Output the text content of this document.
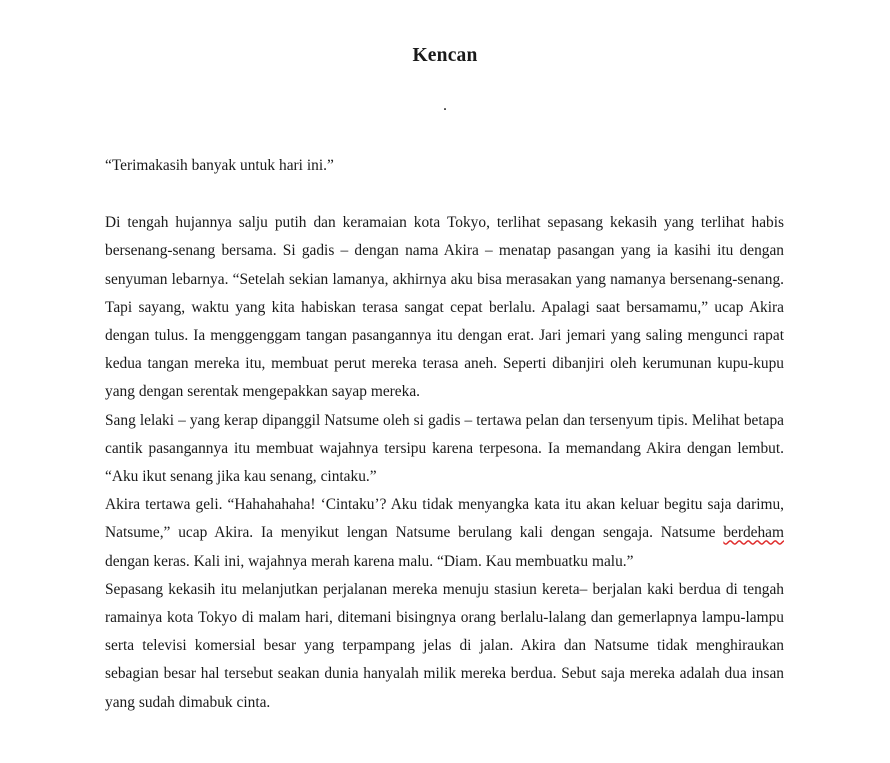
Kencan
.

“Terimakasih banyak untuk hari ini.”

Di tengah hujannya salju putih dan keramaian kota Tokyo, terlihat sepasang kekasih yang terlihat habis bersenang-senang bersama. Si gadis – dengan nama Akira – menatap pasangan yang ia kasihi itu dengan senyuman lebarnya. “Setelah sekian lamanya, akhirnya aku bisa merasakan yang namanya bersenang-senang. Tapi sayang, waktu yang kita habiskan terasa sangat cepat berlalu. Apalagi saat bersamamu,” ucap Akira dengan tulus. Ia menggenggam tangan pasangannya itu dengan erat. Jari jemari yang saling mengunci rapat kedua tangan mereka itu, membuat perut mereka terasa aneh. Seperti dibanjiri oleh kerumunan kupu-kupu yang dengan serentak mengepakkan sayap mereka.

Sang lelaki – yang kerap dipanggil Natsume oleh si gadis – tertawa pelan dan tersenyum tipis. Melihat betapa cantik pasangannya itu membuat wajahnya tersipu karena terpesona. Ia memandang Akira dengan lembut. “Aku ikut senang jika kau senang, cintaku.”

Akira tertawa geli. “Hahahahaha! ‘Cintaku’? Aku tidak menyangka kata itu akan keluar begitu saja darimu, Natsume,” ucap Akira. Ia menyikut lengan Natsume berulang kali dengan sengaja. Natsume berdeham dengan keras. Kali ini, wajahnya merah karena malu. “Diam. Kau membuatku malu.”

Sepasang kekasih itu melanjutkan perjalanan mereka menuju stasiun kereta– berjalan kaki berdua di tengah ramainya kota Tokyo di malam hari, ditemani bisingnya orang berlalu-lalang dan gemerlapnya lampu-lampu serta televisi komersial besar yang terpampang jelas di jalan. Akira dan Natsume tidak menghiraukan sebagian besar hal tersebut seakan dunia hanyalah milik mereka berdua. Sebut saja mereka adalah dua insan yang sudah dimabuk cinta.
